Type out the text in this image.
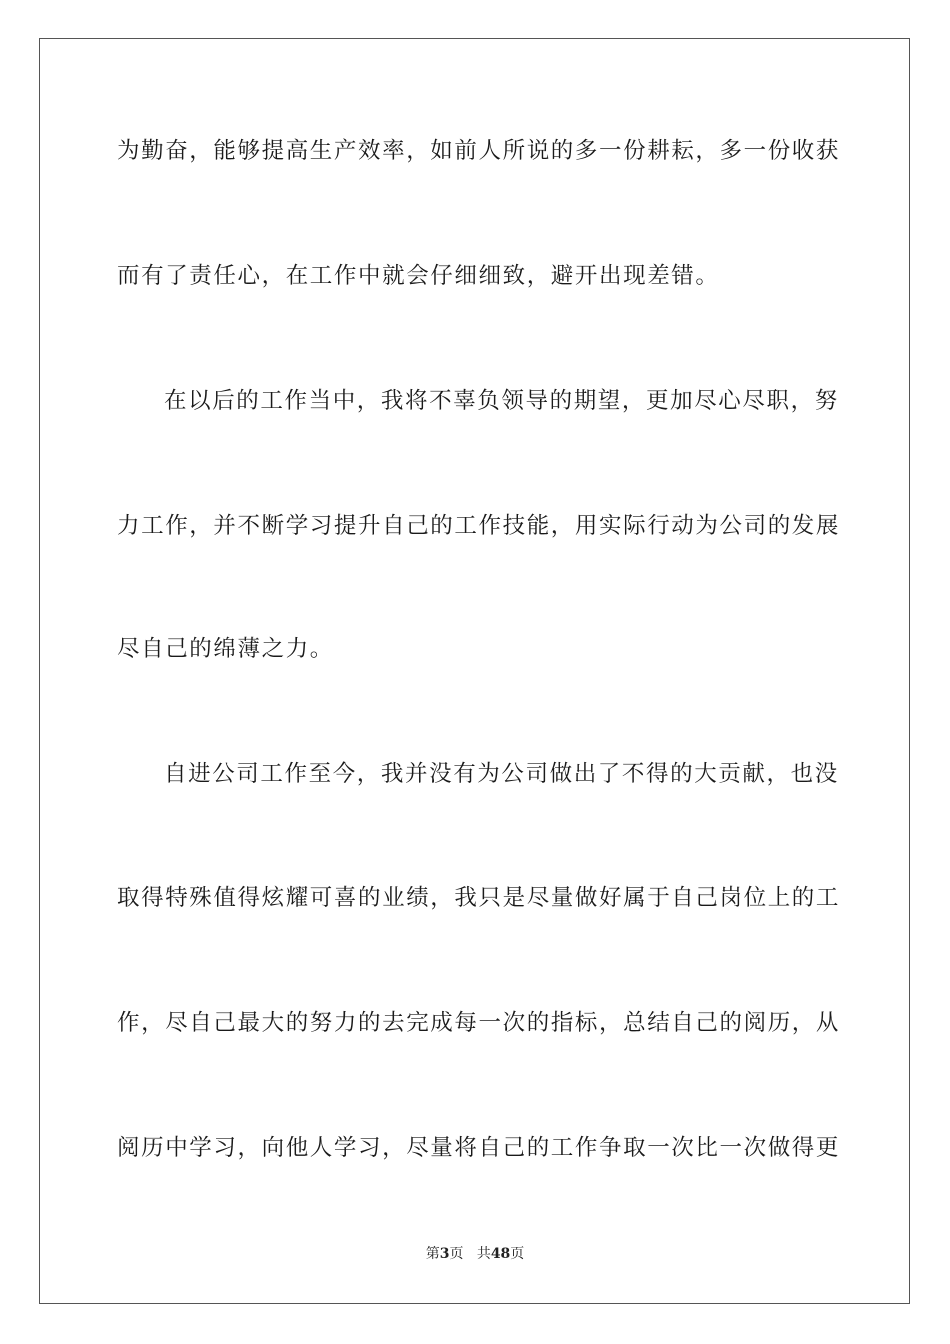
为勤奋，能够提高生产效率，如前人所说的多一份耕耘，多一份收获
而有了责任心，在工作中就会仔细细致，避开出现差错。
在以后的工作当中，我将不辜负领导的期望，更加尽心尽职，努
力工作，并不断学习提升自己的工作技能，用实际行动为公司的发展
尽自己的绵薄之力。
自进公司工作至今，我并没有为公司做出了不得的大贡献，也没
取得特殊值得炫耀可喜的业绩，我只是尽量做好属于自己岗位上的工
作，尽自己最大的努力的去完成每一次的指标，总结自己的阅历，从
阅历中学习，向他人学习，尽量将自己的工作争取一次比一次做得更
第3页 共48页
